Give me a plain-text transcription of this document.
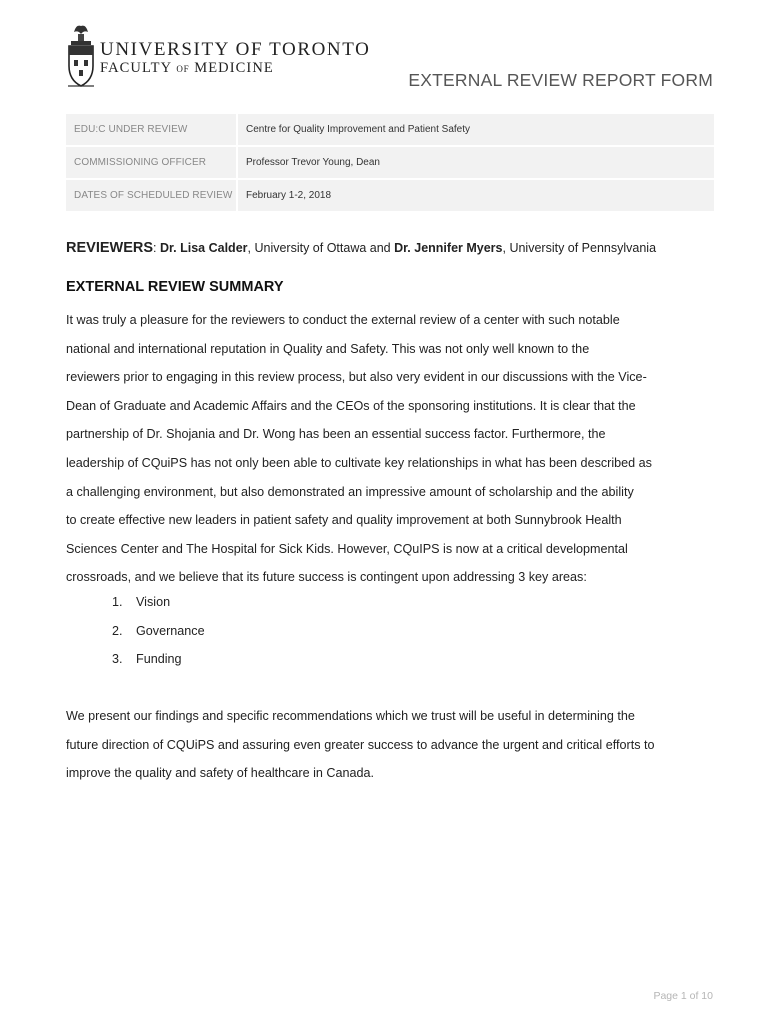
UNIVERSITY OF TORONTO
FACULTY OF MEDICINE
EXTERNAL REVIEW REPORT FORM
EDU:C UNDER REVIEW	Centre for Quality Improvement and Patient Safety
COMMISSIONING OFFICER	Professor Trevor Young, Dean
DATES OF SCHEDULED REVIEW	February 1-2, 2018
REVIEWERS: Dr. Lisa Calder, University of Ottawa and Dr. Jennifer Myers, University of Pennsylvania
EXTERNAL REVIEW SUMMARY
It was truly a pleasure for the reviewers to conduct the external review of a center with such notable
national and international reputation in Quality and Safety. This was not only well known to the
reviewers prior to engaging in this review process, but also very evident in our discussions with the Vice-
Dean of Graduate and Academic Affairs and the CEOs of the sponsoring institutions. It is clear that the
partnership of Dr. Shojania and Dr. Wong has been an essential success factor. Furthermore, the
leadership of CQuiPS has not only been able to cultivate key relationships in what has been described as
a challenging environment, but also demonstrated an impressive amount of scholarship and the ability
to create effective new leaders in patient safety and quality improvement at both Sunnybrook Health
Sciences Center and The Hospital for Sick Kids. However, CQuIPS is now at a critical developmental
crossroads, and we believe that its future success is contingent upon addressing 3 key areas:
1. Vision
2. Governance
3. Funding
We present our findings and specific recommendations which we trust will be useful in determining the
future direction of CQUiPS and assuring even greater success to advance the urgent and critical efforts to
improve the quality and safety of healthcare in Canada.
Page 1 of 10
